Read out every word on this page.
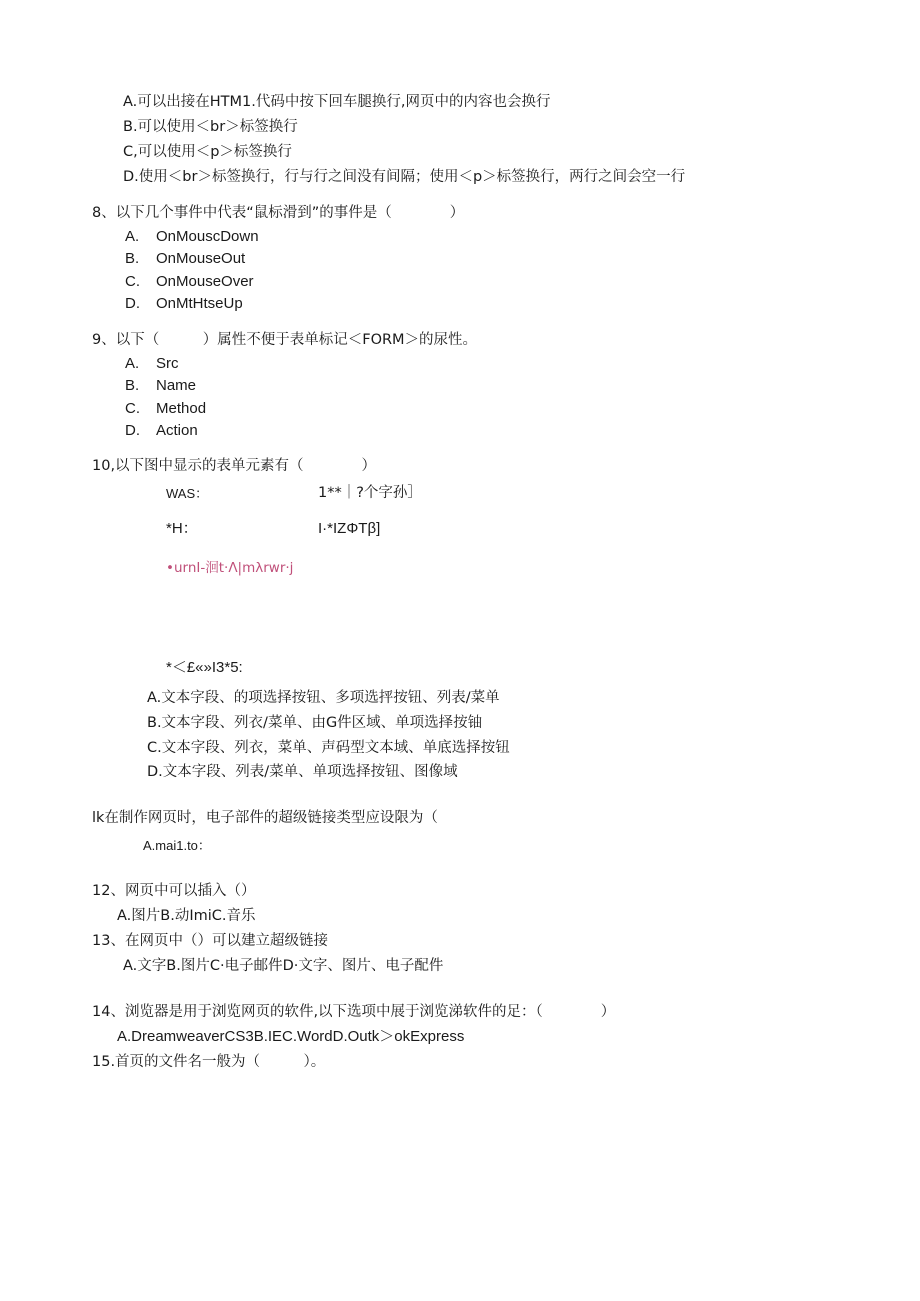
A.可以出接在HTM1.代码中按下回车腿换行,网页中的内容也会换行
B.可以使用＜br＞标签换行
C,可以使用＜p＞标签换行
D.使用＜br＞标签换行，行与行之间没有间隔；使用＜p＞标签换行，两行之间会空一行
8、以下几个事件中代表“鼠标滑到”的事件是（　　　　）
A. OnMouscDown
B. OnMouseOut
C. OnMouseOver
D. OnMtHtseUp
9、以下（　　　）属性不便于表单标记＜FORM＞的尿性。
A. Src
B. Name
C. Method
D. Action
10,以下图中显示的表单元素有（　　　　）
WAS：	1**｜?个字孙］
*H：	I·*IZΦTβ]
•urnI-洄t·Λ|mλrwr·j
*＜£«»I3*5:
A.文本字段、的项选择按钮、多项选抨按钮、列表/菜单
B.文本字段、列衣/菜单、由G件区域、单项选择按铀
C.文本字段、列衣，菜单、声码型文本域、单底选择按钮
D.文本字段、列表/菜单、单项选择按钮、图像域
lk在制作网页时，电子部件的超级链接类型应设限为（
A.mai1.to：
12、网页中可以插入（）
A.图片B.动ImiC.音乐
13、在网页中（）可以建立超级链接
A.文字B.图片C·电子邮件D·文字、图片、电子配件
14、浏览器是用于浏览网页的软件,以下选项中展于浏览涕软件的足：（　　　　）
A.DreamweaverCS3B.IEC.WordD.Outk＞okExpress
15.首页的文件名一般为（　　　）。
